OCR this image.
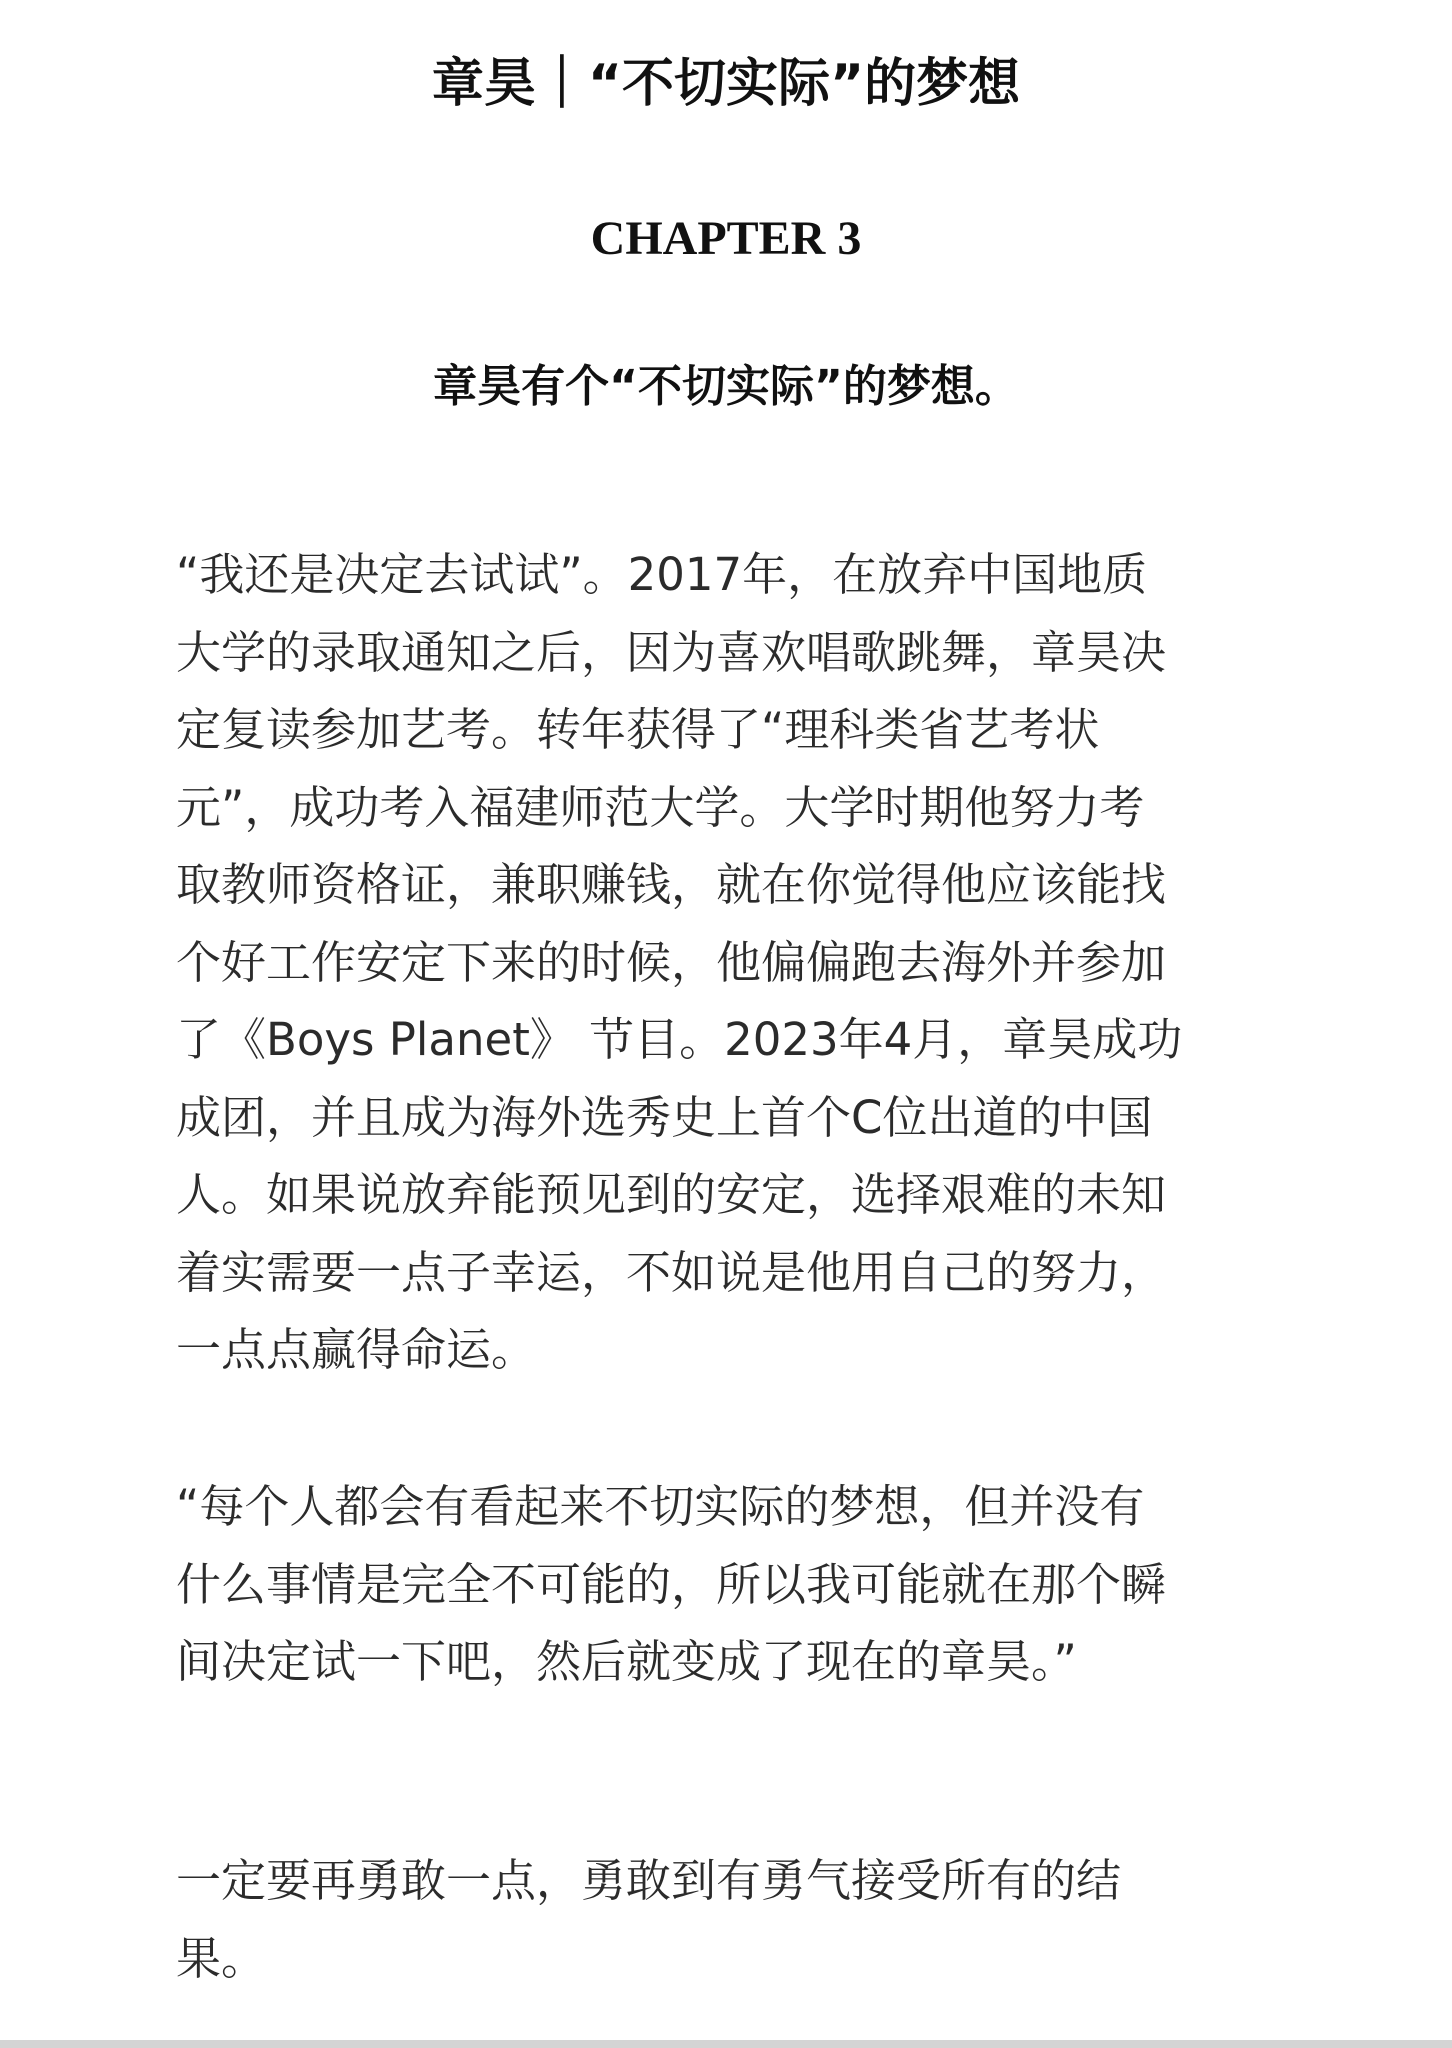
章昊｜“不切实际”的梦想
CHAPTER 3
章昊有个“不切实际”的梦想。

“我还是决定去试试”。2017年，在放弃中国地质
大学的录取通知之后，因为喜欢唱歌跳舞，章昊决
定复读参加艺考。转年获得了“理科类省艺考状
元”，成功考入福建师范大学。大学时期他努力考
取教师资格证，兼职赚钱，就在你觉得他应该能找
个好工作安定下来的时候，他偏偏跑去海外并参加
了《Boys Planet》 节目。2023年4月，章昊成功
成团，并且成为海外选秀史上首个C位出道的中国
人。如果说放弃能预见到的安定，选择艰难的未知
着实需要一点子幸运，不如说是他用自己的努力，
一点点赢得命运。

“每个人都会有看起来不切实际的梦想，但并没有
什么事情是完全不可能的，所以我可能就在那个瞬
间决定试一下吧，然后就变成了现在的章昊。”

一定要再勇敢一点，勇敢到有勇气接受所有的结
果。
